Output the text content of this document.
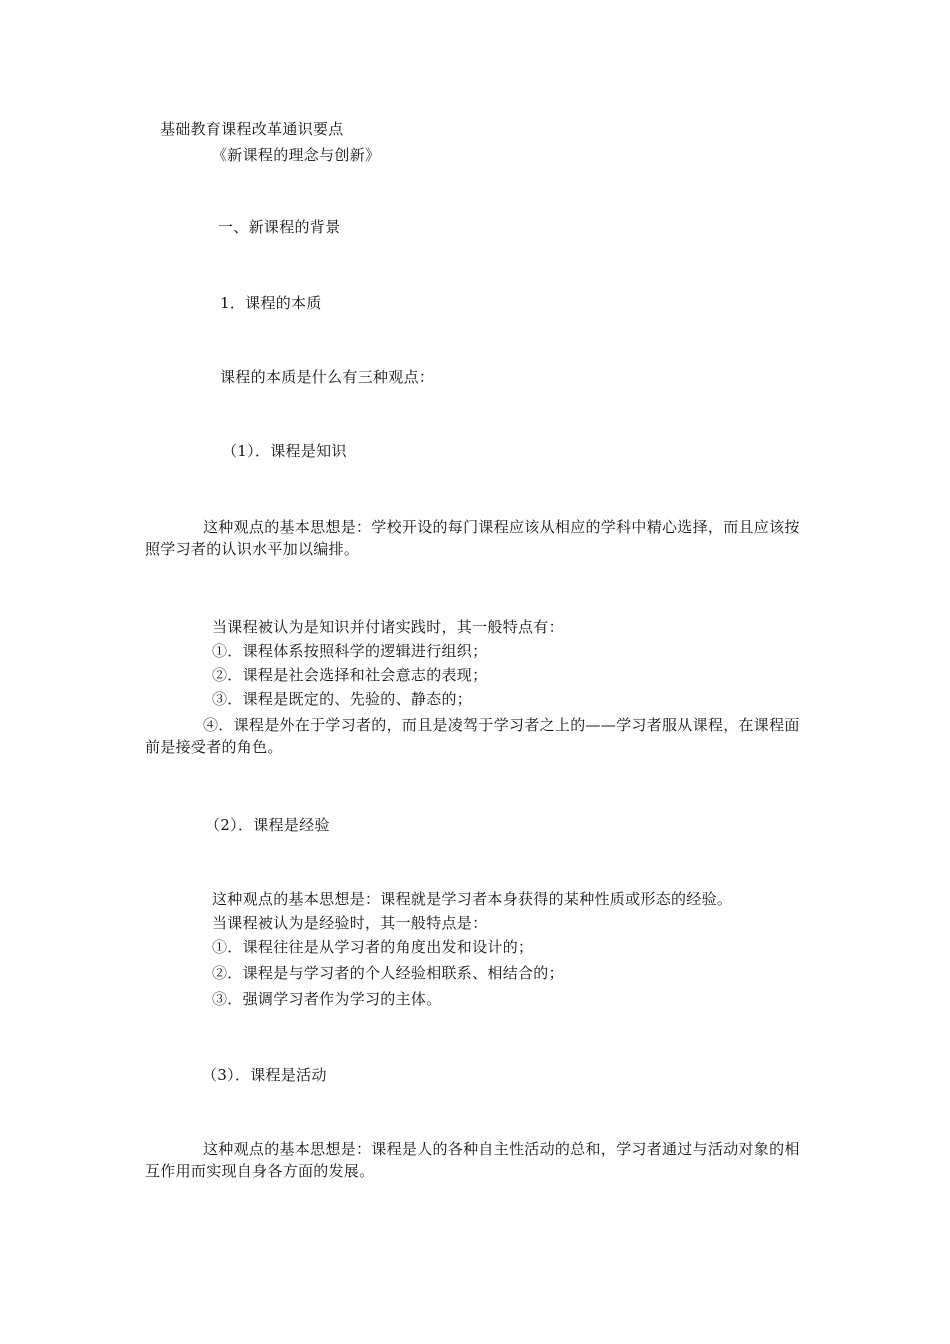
基础教育课程改革通识要点
《新课程的理念与创新》
一、新课程的背景
1．课程的本质
课程的本质是什么有三种观点：
（1）．课程是知识
这种观点的基本思想是：学校开设的每门课程应该从相应的学科中精心选择，而且应该按照学习者的认识水平加以编排。
当课程被认为是知识并付诸实践时，其一般特点有：
①．课程体系按照科学的逻辑进行组织；
②．课程是社会选择和社会意志的表现；
③．课程是既定的、先验的、静态的；
④．课程是外在于学习者的，而且是凌驾于学习者之上的——学习者服从课程，在课程面前是接受者的角色。
（2）．课程是经验
这种观点的基本思想是：课程就是学习者本身获得的某种性质或形态的经验。
当课程被认为是经验时，其一般特点是：
①．课程往往是从学习者的角度出发和设计的；
②．课程是与学习者的个人经验相联系、相结合的；
③．强调学习者作为学习的主体。
（3）．课程是活动
这种观点的基本思想是：课程是人的各种自主性活动的总和，学习者通过与活动对象的相互作用而实现自身各方面的发展。
